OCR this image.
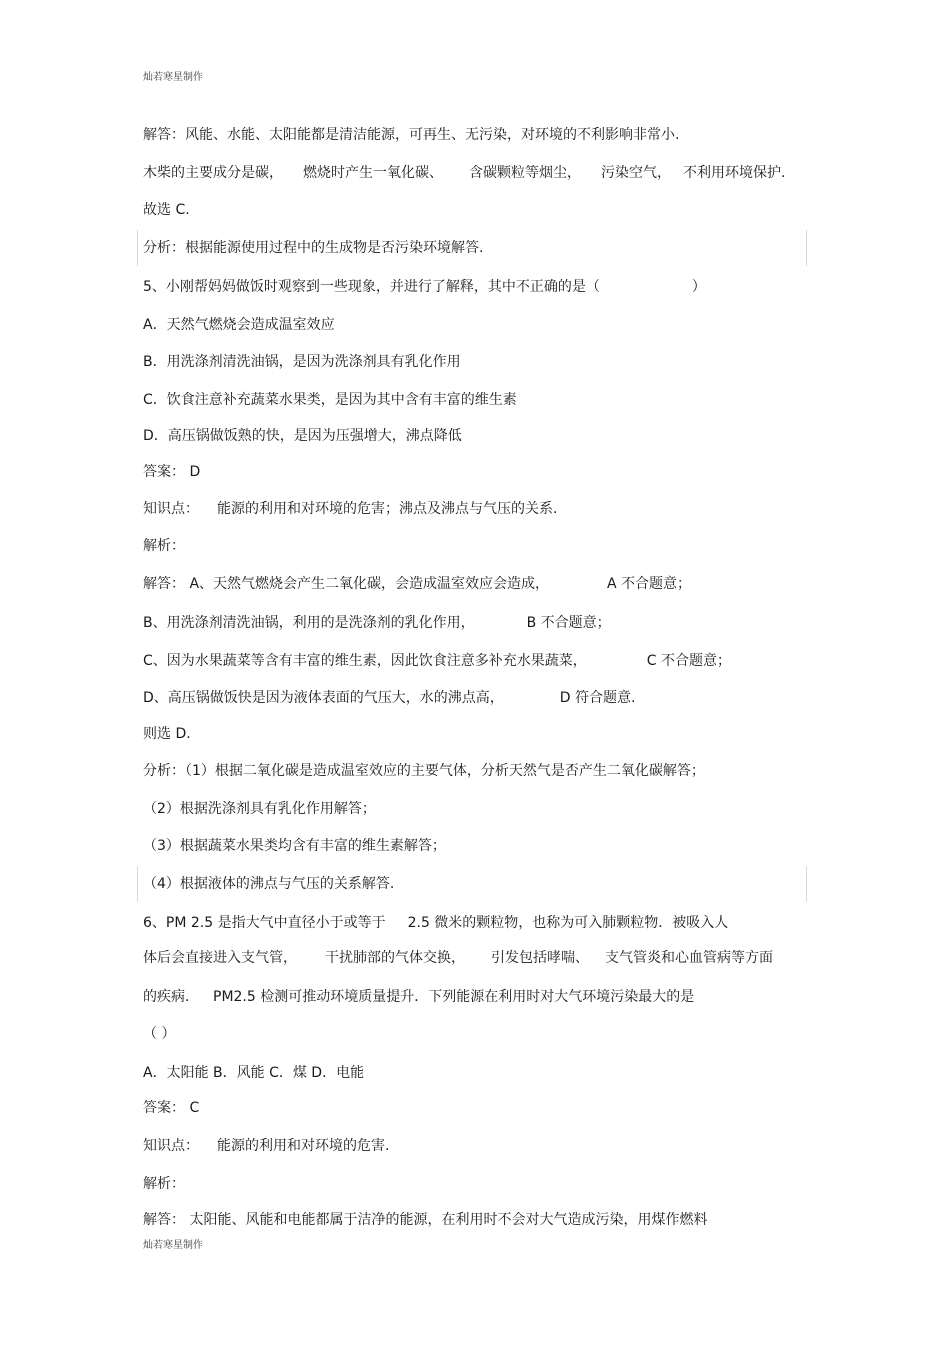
灿若寒星制作
解答：风能、水能、太阳能都是清洁能源，可再生、无污染，对环境的不利影响非常小.
木柴的主要成分是碳， 燃烧时产生一氧化碳、 含碳颗粒等烟尘， 污染空气， 不利用环境保护.
故选 C.
分析：根据能源使用过程中的生成物是否污染环境解答.
5、小刚帮妈妈做饭时观察到一些现象，并进行了解释，其中不正确的是（	）
A．天然气燃烧会造成温室效应
B．用洗涤剂清洗油锅，是因为洗涤剂具有乳化作用
C．饮食注意补充蔬菜水果类，是因为其中含有丰富的维生素
D．高压锅做饭熟的快，是因为压强增大，沸点降低
答案： D
知识点： 能源的利用和对环境的危害；沸点及沸点与气压的关系.
解析：
解答： A、天然气燃烧会产生二氧化碳，会造成温室效应会造成，	A 不合题意；
B、用洗涤剂清洗油锅，利用的是洗涤剂的乳化作用，	B 不合题意；
C、因为水果蔬菜等含有丰富的维生素，因此饮食注意多补充水果蔬菜，	C 不合题意；
D、高压锅做饭快是因为液体表面的气压大，水的沸点高，	D 符合题意.
则选 D.
分析：（1）根据二氧化碳是造成温室效应的主要气体，分析天然气是否产生二氧化碳解答；
（2）根据洗涤剂具有乳化作用解答；
（3）根据蔬菜水果类均含有丰富的维生素解答；
（4）根据液体的沸点与气压的关系解答.
6、PM 2.5 是指大气中直径小于或等于 2.5 微米的颗粒物，也称为可入肺颗粒物．被吸入人
体后会直接进入支气管， 干扰肺部的气体交换， 引发包括哮喘、 支气管炎和心血管病等方面
的疾病． PM2.5 检测可推动环境质量提升．下列能源在利用时对大气环境污染最大的是
（ ）
A．太阳能 B．风能 C．煤 D．电能
答案： C
知识点： 能源的利用和对环境的危害.
解析：
解答： 太阳能、风能和电能都属于洁净的能源，在利用时不会对大气造成污染，用煤作燃料
灿若寒星制作
